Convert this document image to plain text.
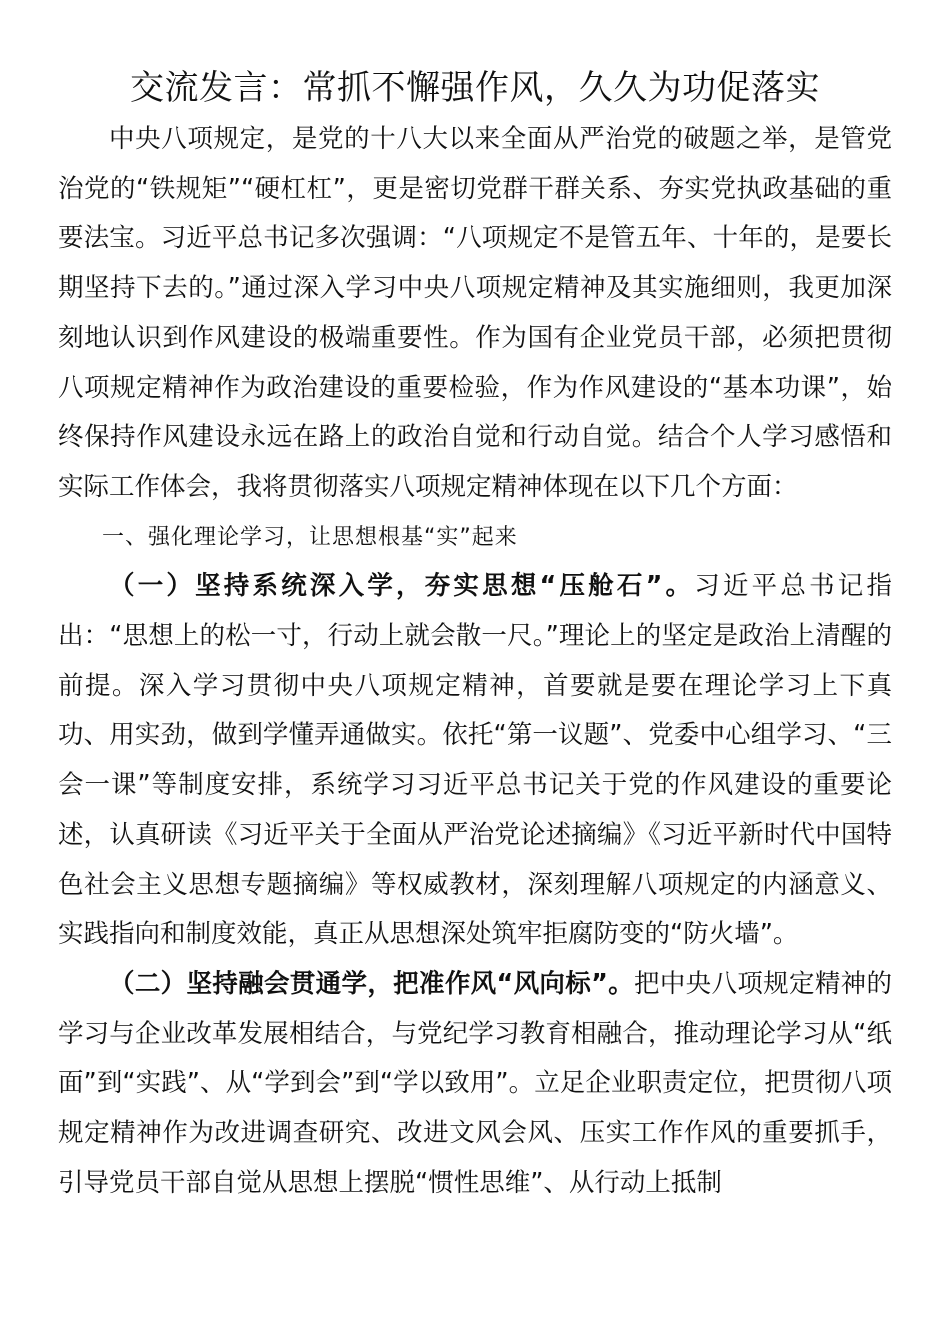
交流发言：常抓不懈强作风，久久为功促落实

中央八项规定，是党的十八大以来全面从严治党的破题之举，是管党治党的“铁规矩”“硬杠杠”，更是密切党群干群关系、夯实党执政基础的重要法宝。习近平总书记多次强调：“八项规定不是管五年、十年的，是要长期坚持下去的。”通过深入学习中央八项规定精神及其实施细则，我更加深刻地认识到作风建设的极端重要性。作为国有企业党员干部，必须把贯彻八项规定精神作为政治建设的重要检验，作为作风建设的“基本功课”，始终保持作风建设永远在路上的政治自觉和行动自觉。结合个人学习感悟和实际工作体会，我将贯彻落实八项规定精神体现在以下几个方面：

一、强化理论学习，让思想根基“实”起来

（一）坚持系统深入学，夯实思想“压舱石”。习近平总书记指出：“思想上的松一寸，行动上就会散一尺。”理论上的坚定是政治上清醒的前提。深入学习贯彻中央八项规定精神，首要就是要在理论学习上下真功、用实劲，做到学懂弄通做实。依托“第一议题”、党委中心组学习、“三会一课”等制度安排，系统学习习近平总书记关于党的作风建设的重要论述，认真研读《习近平关于全面从严治党论述摘编》《习近平新时代中国特色社会主义思想专题摘编》等权威教材，深刻理解八项规定的内涵意义、实践指向和制度效能，真正从思想深处筑牢拒腐防变的“防火墙”。

（二）坚持融会贯通学，把准作风“风向标”。把中央八项规定精神的学习与企业改革发展相结合，与党纪学习教育相融合，推动理论学习从“纸面”到“实践”、从“学到会”到“学以致用”。立足企业职责定位，把贯彻八项规定精神作为改进调查研究、改进文风会风、压实工作作风的重要抓手，引导党员干部自觉从思想上摆脱“惯性思维”、从行动上抵制
